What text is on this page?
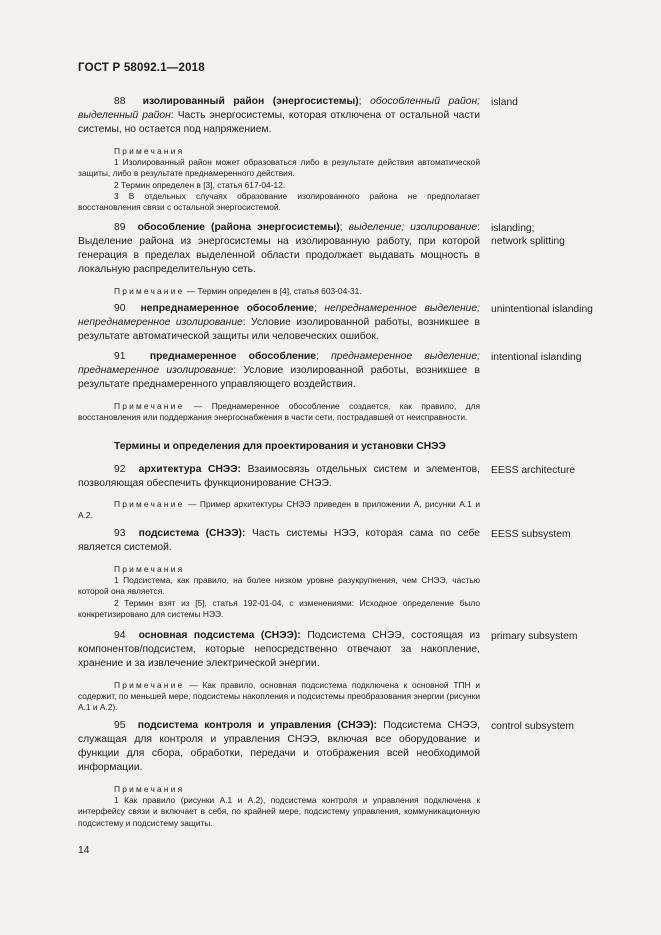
ГОСТ Р 58092.1—2018

88 изолированный район (энергосистемы); обособленный район; выделенный район: Часть энергосистемы, которая отключена от остальной части системы, но остается под напряжением.

Примечания
1 Изолированный район может образоваться либо в результате действия автоматической защиты, либо в результате преднамеренного действия.
2 Термин определен в [3], статья 617-04-12.
3 В отдельных случаях образование изолированного района не предполагает восстановления связи с остальной энергосистемой.
island

89 обособление (района энергосистемы); выделение; изолирование: Выделение района из энергосистемы на изолированную работу, при которой генерация в пределах выделенной области продолжает выдавать мощность в локальную распределительную сеть.

Примечание — Термин определен в [4], статья 603-04-31.

islanding;
network splitting

90 непреднамеренное обособление; непреднамеренное выделение; непреднамеренное изолирование: Условие изолированной работы, возникшее в результате автоматической защиты или человеческих ошибок.

unintentional islanding

91 преднамеренное обособление; преднамеренное выделение; преднамеренное изолирование: Условие изолированной работы, возникшее в результате преднамеренного управляющего воздействия.

Примечание — Преднамеренное обособление создается, как правило, для восстановления или поддержания энергоснабжения в части сети, пострадавшей от неисправности.

intentional islanding
Термины и определения для проектирования и установки СНЭЭ

92 архитектура СНЭЭ: Взаимосвязь отдельных систем и элементов, позволяющая обеспечить функционирование СНЭЭ.

Примечание — Пример архитектуры СНЭЭ приведен в приложении А, рисунки А.1 и А.2.

EESS architecture

93 подсистема (СНЭЭ): Часть системы НЭЭ, которая сама по себе является системой.

Примечания
1 Подсистема, как правило, на более низком уровне разукрупнения, чем СНЭЭ, частью которой она является.
2 Термин взят из [5], статья 192-01-04, с изменениями: Исходное определение было конкретизировано для системы НЭЭ.
EESS subsystem

94 основная подсистема (СНЭЭ): Подсистема СНЭЭ, состоящая из компонентов/подсистем, которые непосредственно отвечают за накопление, хранение и за извлечение электрической энергии.

Примечание — Как правило, основная подсистема подключена к основной ТПН и содержит, по меньшей мере, подсистемы накопления и подсистемы преобразования энергии (рисунки А.1 и А.2).

primary subsystem

95 подсистема контроля и управления (СНЭЭ): Подсистема СНЭЭ, служащая для контроля и управления СНЭЭ, включая все оборудование и функции для сбора, обработки, передачи и отображения всей необходимой информации.

Примечания
1 Как правило (рисунки А.1 и А.2), подсистема контроля и управления подключена к интерфейсу связи и включает в себя, по крайней мере, подсистему управления, коммуникационную подсистему и подсистему защиты.
control subsystem
14
